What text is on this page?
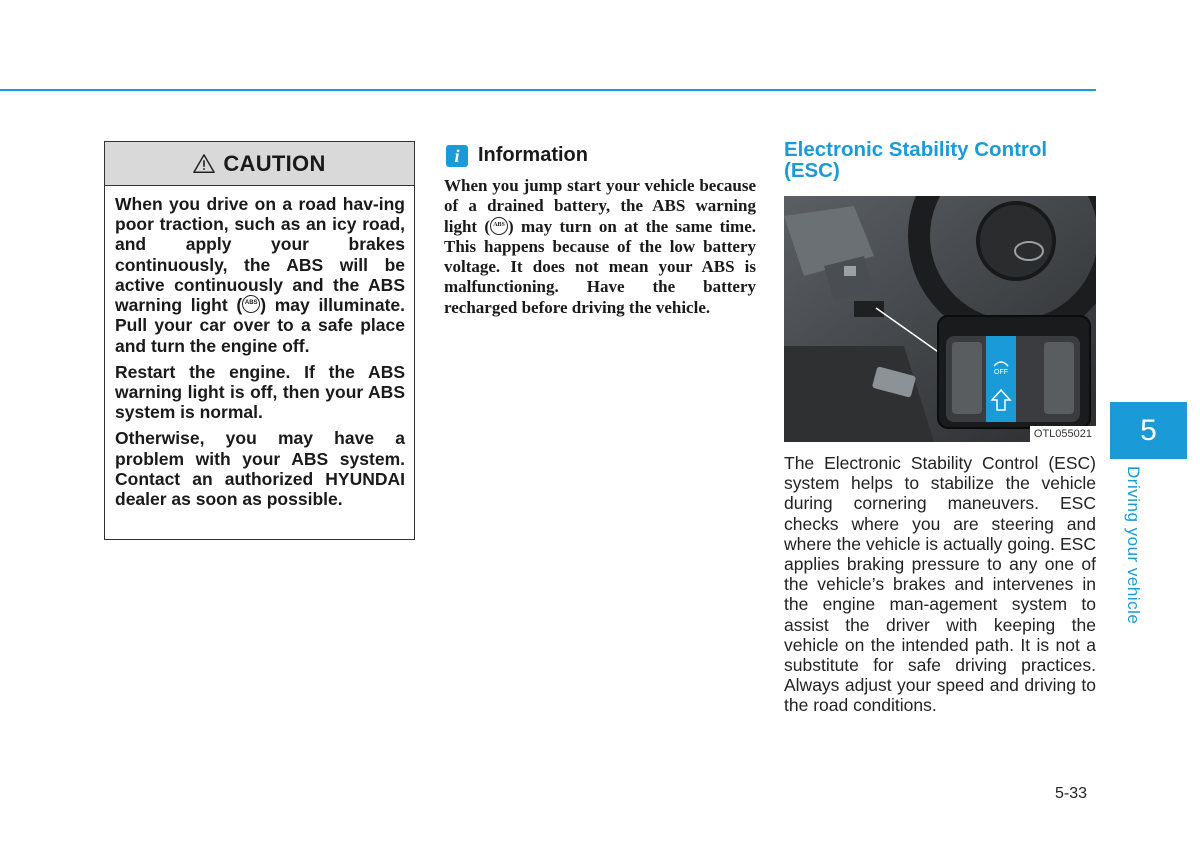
CAUTION

When you drive on a road hav-ing poor traction, such as an icy road, and apply your brakes continuously, the ABS will be active continuously and the ABS warning light ( ABS ) may illuminate. Pull your car over to a safe place and turn the engine off.

Restart the engine. If the ABS warning light is off, then your ABS system is normal.

Otherwise, you may have a problem with your ABS system. Contact an authorized HYUNDAI dealer as soon as possible.

i Information

When you jump start your vehicle because of a drained battery, the ABS warning light ( ABS ) may turn on at the same time. This happens because of the low battery voltage. It does not mean your ABS is malfunctioning. Have the battery recharged before driving the vehicle.

Electronic Stability Control (ESC)
OFF
OTL055021

The Electronic Stability Control (ESC) system helps to stabilize the vehicle during cornering maneuvers. ESC checks where you are steering and where the vehicle is actually going. ESC applies braking pressure to any one of the vehicle’s brakes and intervenes in the engine man-agement system to assist the driver with keeping the vehicle on the intended path. It is not a substitute for safe driving practices. Always adjust your speed and driving to the road conditions.

5
Driving your vehicle
5-33
